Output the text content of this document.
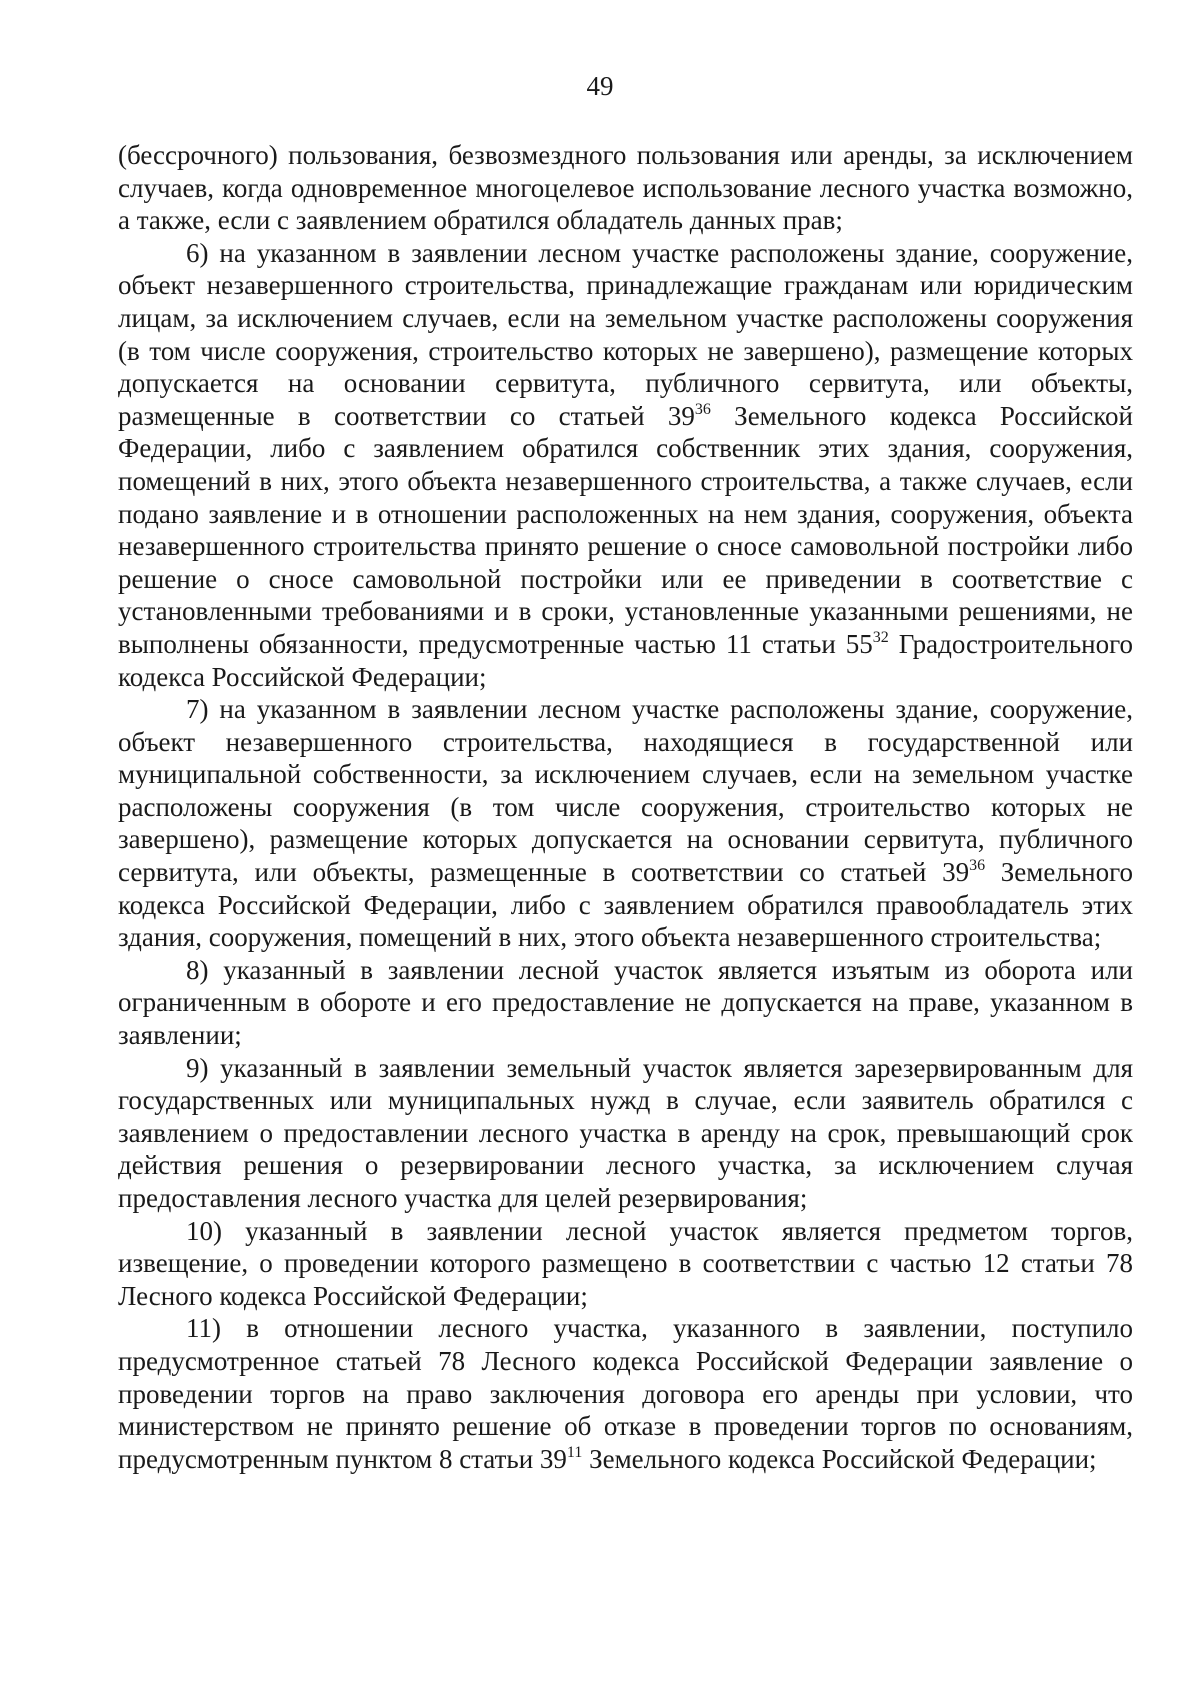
49

(бессрочного) пользования, безвозмездного пользования или аренды, за исключением случаев, когда одновременное многоцелевое использование лесного участка возможно, а также, если с заявлением обратился обладатель данных прав;

6) на указанном в заявлении лесном участке расположены здание, сооружение, объект незавершенного строительства, принадлежащие гражданам или юридическим лицам, за исключением случаев, если на земельном участке расположены сооружения (в том числе сооружения, строительство которых не завершено), размещение которых допускается на основании сервитута, публичного сервитута, или объекты, размещенные в соответствии со статьей $39^{36}$ Земельного кодекса Российской Федерации, либо с заявлением обратился собственник этих здания, сооружения, помещений в них, этого объекта незавершенного строительства, а также случаев, если подано заявление и в отношении расположенных на нем здания, сооружения, объекта незавершенного строительства принято решение о сносе самовольной постройки либо решение о сносе самовольной постройки или ее приведении в соответствие с установленными требованиями и в сроки, установленные указанными решениями, не выполнены обязанности, предусмотренные частью 11 статьи $55^{32}$ Градостроительного кодекса Российской Федерации;

7) на указанном в заявлении лесном участке расположены здание, сооружение, объект незавершенного строительства, находящиеся в государственной или муниципальной собственности, за исключением случаев, если на земельном участке расположены сооружения (в том числе сооружения, строительство которых не завершено), размещение которых допускается на основании сервитута, публичного сервитута, или объекты, размещенные в соответствии со статьей $39^{36}$ Земельного кодекса Российской Федерации, либо с заявлением обратился правообладатель этих здания, сооружения, помещений в них, этого объекта незавершенного строительства;

8) указанный в заявлении лесной участок является изъятым из оборота или ограниченным в обороте и его предоставление не допускается на праве, указанном в заявлении;

9) указанный в заявлении земельный участок является зарезервированным для государственных или муниципальных нужд в случае, если заявитель обратился с заявлением о предоставлении лесного участка в аренду на срок, превышающий срок действия решения о резервировании лесного участка, за исключением случая предоставления лесного участка для целей резервирования;

10) указанный в заявлении лесной участок является предметом торгов, извещение, о проведении которого размещено в соответствии с частью 12 статьи 78 Лесного кодекса Российской Федерации;

11) в отношении лесного участка, указанного в заявлении, поступило предусмотренное статьей 78 Лесного кодекса Российской Федерации заявление о проведении торгов на право заключения договора его аренды при условии, что министерством не принято решение об отказе в проведении торгов по основаниям, предусмотренным пунктом 8 статьи $39^{11}$ Земельного кодекса Российской Федерации;
